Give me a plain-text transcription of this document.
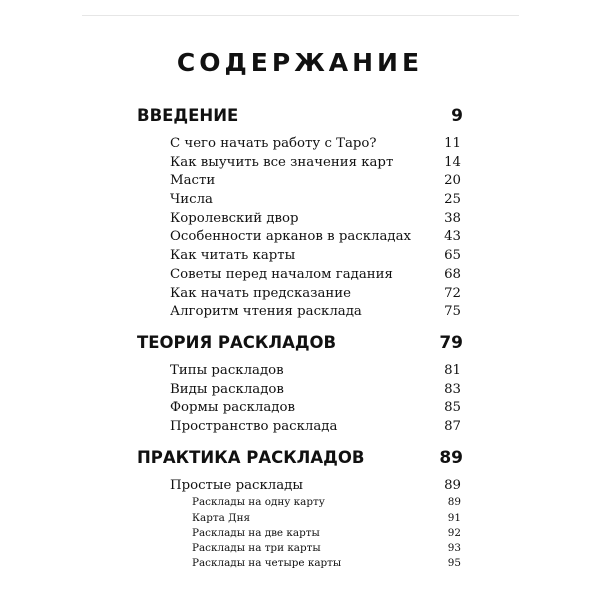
СОДЕРЖАНИЕ
ВВЕДЕНИЕ	9
С чего начать работу с Таро?	11
Как выучить все значения карт	14
Масти	20
Числа	25
Королевский двор	38
Особенности арканов в раскладах 43
Как читать карты	65
Советы перед началом гадания	68
Как начать предсказание	72
Алгоритм чтения расклада	75
ТЕОРИЯ РАСКЛАДОВ	79
Типы раскладов	81
Виды раскладов	83
Формы раскладов	85
Пространство расклада	87
ПРАКТИКА РАСКЛАДОВ	89
Простые расклады	89
Расклады на одну карту	89
Карта Дня	91
Расклады на две карты	92
Расклады на три карты	93
Расклады на четыре карты	95
